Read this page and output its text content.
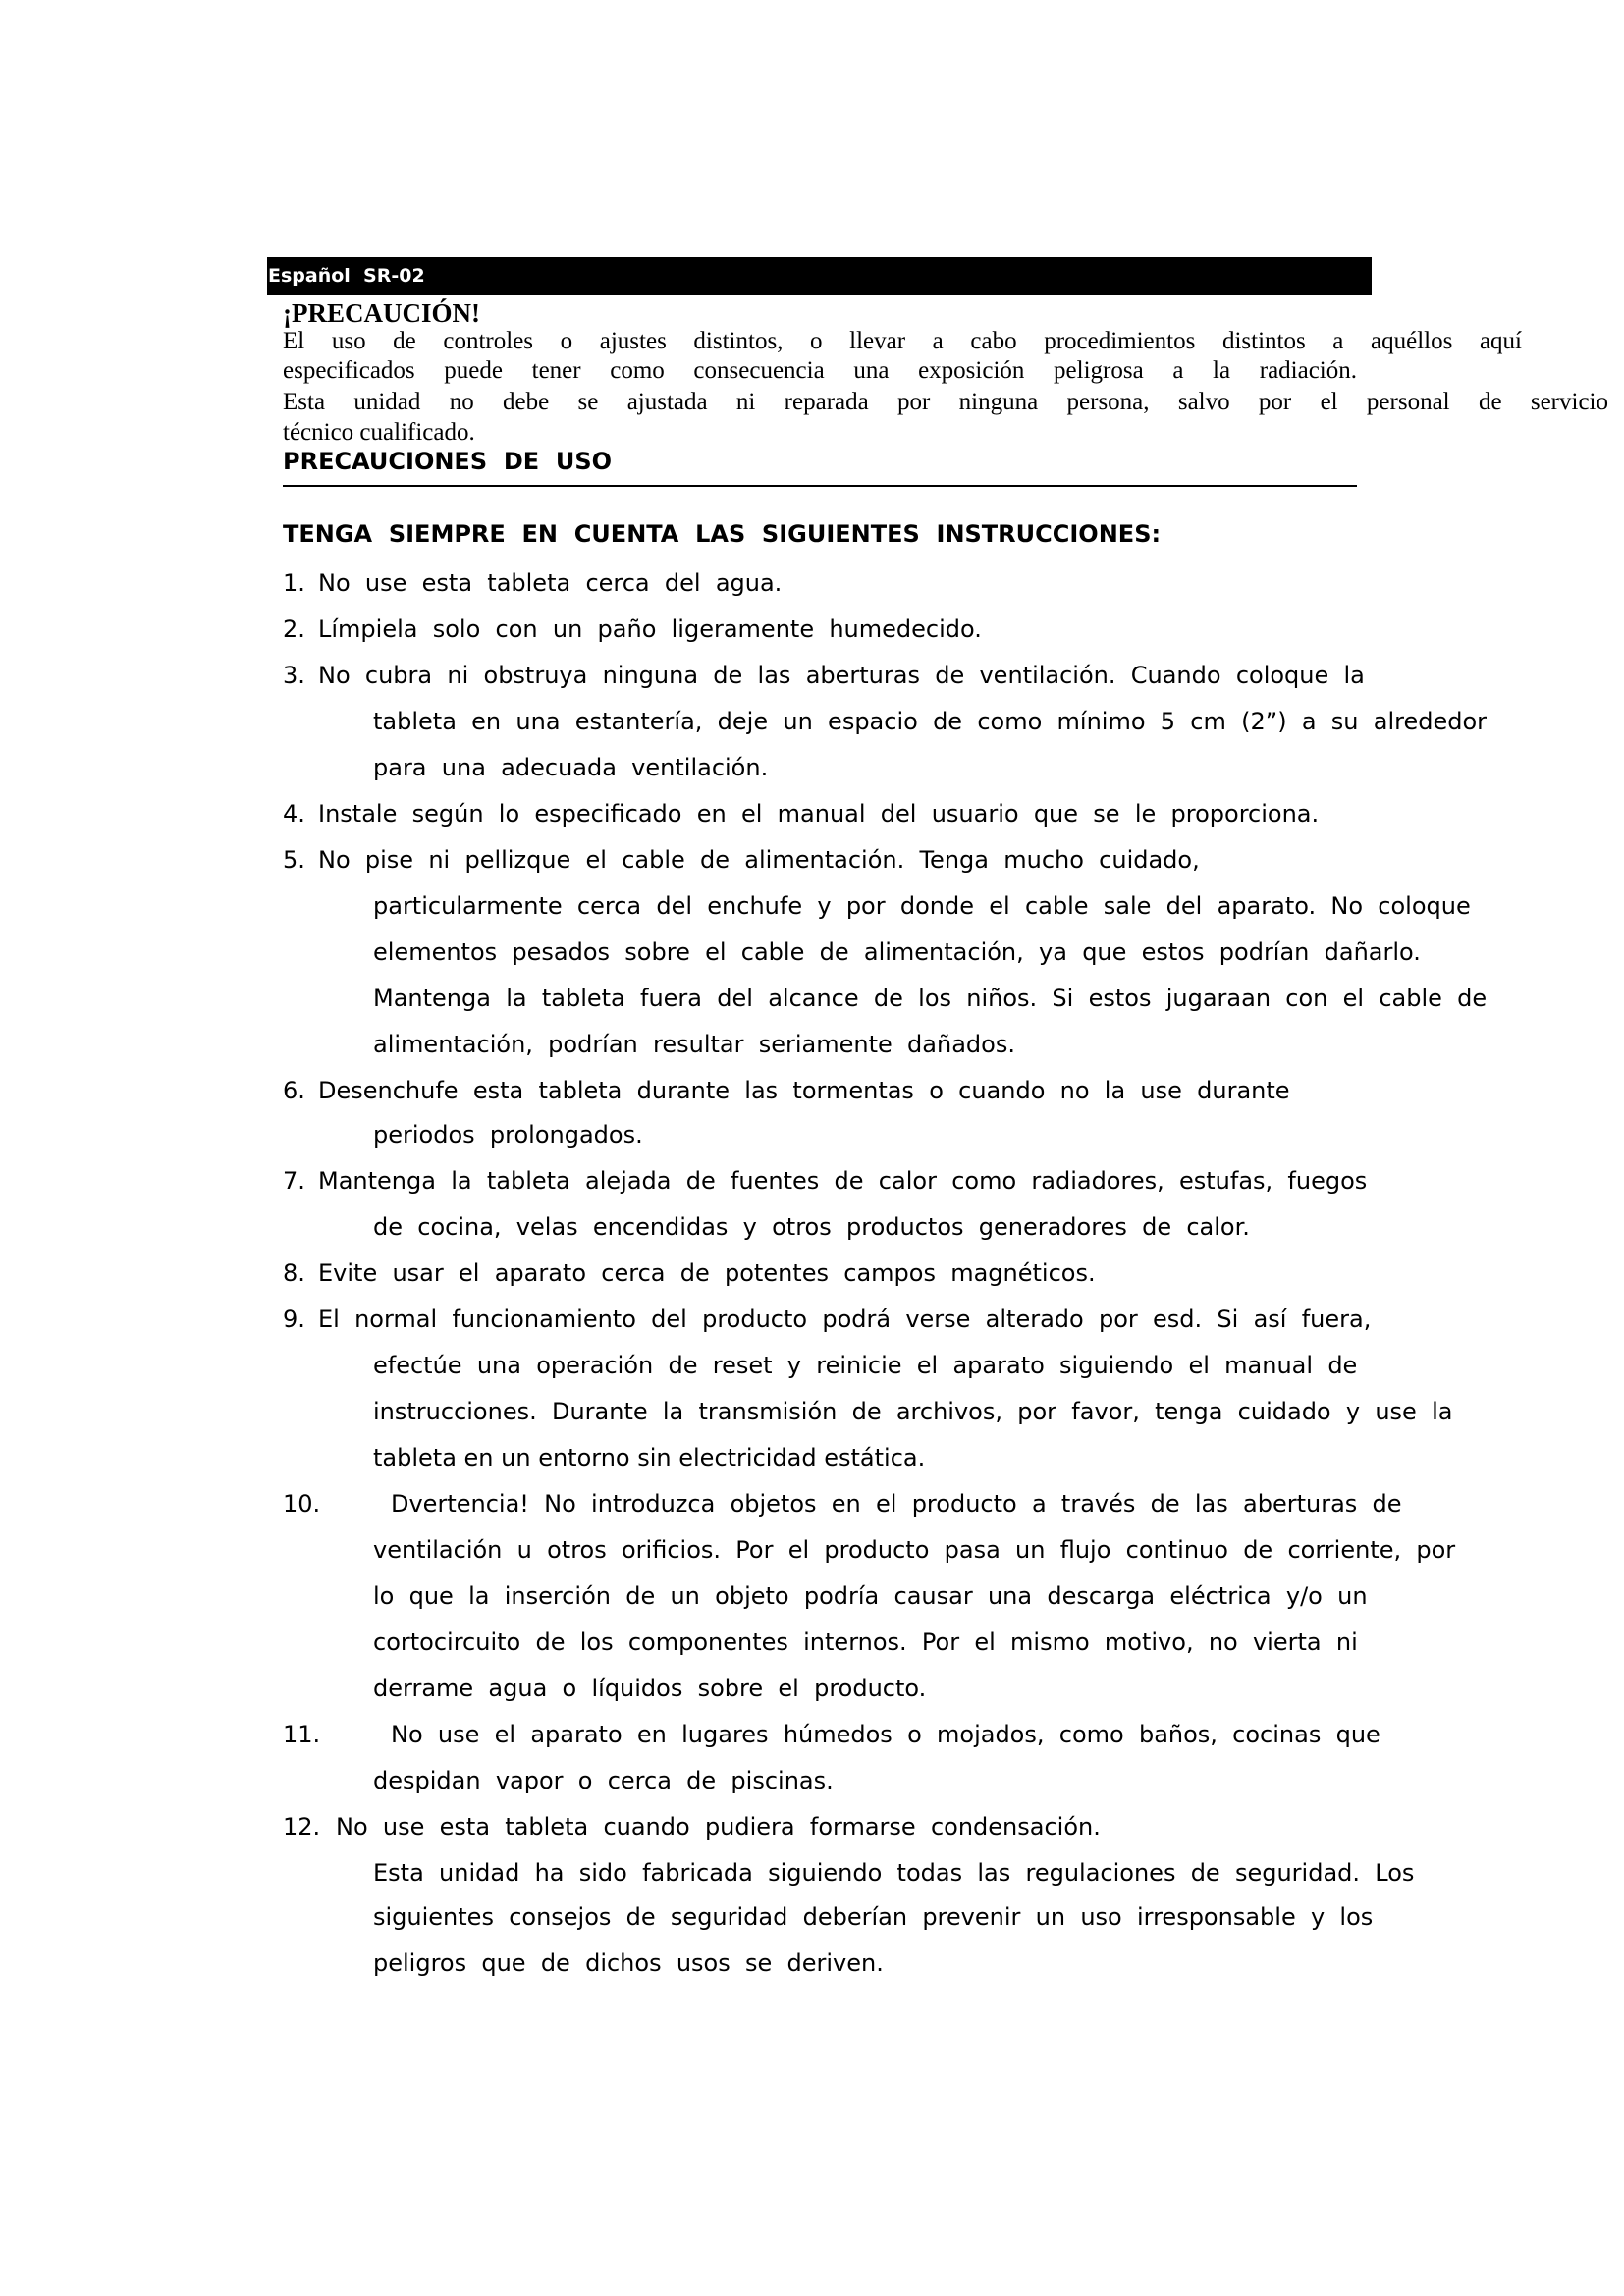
Español  SR-02
¡PRECAUCIÓN!
El uso de controles o ajustes distintos, o llevar a cabo procedimientos distintos a aquéllos aquí
especificados puede tener como consecuencia una exposición peligrosa a la radiación.
Esta unidad no debe se ajustada ni reparada por ninguna persona, salvo por el personal de servicio
técnico cualificado.
PRECAUCIONES  DE  USO
TENGA  SIEMPRE  EN  CUENTA  LAS  SIGUIENTES  INSTRUCCIONES:
1. No  use  esta  tableta  cerca  del  agua.
2. Límpiela  solo  con  un  paño  ligeramente  humedecido.
3. No  cubra  ni  obstruya  ninguna  de  las  aberturas  de  ventilación.  Cuando  coloque  la
tableta  en  una  estantería,  deje  un  espacio  de  como  mínimo  5  cm  (2”)  a  su  alrededor
para  una  adecuada  ventilación.
4. Instale  según  lo  especificado  en  el  manual  del  usuario  que  se  le  proporciona.
5. No  pise  ni  pellizque  el  cable  de  alimentación.  Tenga  mucho  cuidado,
particularmente  cerca  del  enchufe  y  por  donde  el  cable  sale  del  aparato.  No  coloque
elementos  pesados  sobre  el  cable  de  alimentación,  ya  que  estos  podrían  dañarlo.
Mantenga  la  tableta  fuera  del  alcance  de  los  niños.  Si  estos  jugaraan  con  el  cable  de
alimentación,  podrían  resultar  seriamente  dañados.
6. Desenchufe  esta  tableta  durante  las  tormentas  o  cuando  no  la  use  durante
periodos  prolongados.
7. Mantenga  la  tableta  alejada  de  fuentes  de  calor  como  radiadores,  estufas,  fuegos
de  cocina,  velas  encendidas  y  otros  productos  generadores  de  calor.
8. Evite  usar  el  aparato  cerca  de  potentes  campos  magnéticos.
9. El  normal  funcionamiento  del  producto  podrá  verse  alterado  por  esd.  Si  así  fuera,
efectúe  una  operación  de  reset  y  reinicie  el  aparato  siguiendo  el  manual  de
instrucciones.  Durante  la  transmisión  de  archivos,  por  favor,  tenga  cuidado  y  use  la
tableta en un entorno sin electricidad estática.
10.	Dvertencia!  No  introduzca  objetos  en  el  producto  a  través  de  las  aberturas  de
ventilación  u  otros  orificios.  Por  el  producto  pasa  un  flujo  continuo  de  corriente,  por
lo  que  la  inserción  de  un  objeto  podría  causar  una  descarga  eléctrica  y/o  un
cortocircuito  de  los  componentes  internos.  Por  el  mismo  motivo,  no  vierta  ni
derrame  agua  o  líquidos  sobre  el  producto.
11.	No  use  el  aparato  en  lugares  húmedos  o  mojados,  como  baños,  cocinas  que
despidan  vapor  o  cerca  de  piscinas.
12. No  use  esta  tableta  cuando  pudiera  formarse  condensación.
Esta  unidad  ha  sido  fabricada  siguiendo  todas  las  regulaciones  de  seguridad.  Los
siguientes  consejos  de  seguridad  deberían  prevenir  un  uso  irresponsable  y  los
peligros  que  de  dichos  usos  se  deriven.
